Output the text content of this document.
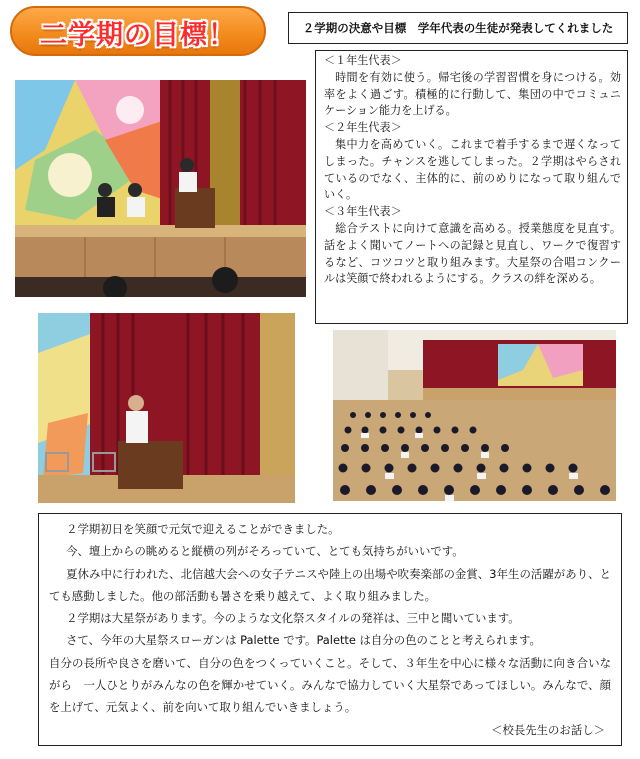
二学期の目標！	２学期の決意や目標　学年代表の生徒が発表してくれました

＜１年生代表＞

時間を有効に使う。帰宅後の学習習慣を身につける。効率をよく過ごす。積極的に行動して、集団の中でコミュニケーション能力を上げる。

＜２年生代表＞

集中力を高めていく。これまで着手するまで遅くなってしまった。チャンスを逃してしまった。２学期はやらされているのでなく、主体的に、前のめりになって取り組んでいく。

＜３年生代表＞

総合テストに向けて意識を高める。授業態度を見直す。話をよく聞いてノートへの記録と見直し、ワークで復習するなど、コツコツと取り組みます。大星祭の合唱コンクールは笑顔で終われるようにする。クラスの絆を深める。

２学期初日を笑顔で元気で迎えることができました。

今、壇上からの眺めると縦横の列がそろっていて、とても気持ちがいいです。

夏休み中に行われた、北信越大会への女子テニスや陸上の出場や吹奏楽部の金賞、3年生の活躍があり、とても感動しました。他の部活動も暑さを乗り越えて、よく取り組みました。

２学期は大星祭があります。今のような文化祭スタイルの発祥は、三中と聞いています。

さて、今年の大星祭スローガンは Palette です。Palette は自分の色のことと考えられます。

自分の長所や良さを磨いて、自分の色をつくっていくこと。そして、３年生を中心に様々な活動に向き合いながら　一人ひとりがみんなの色を輝かせていく。みんなで協力していく大星祭であってほしい。みんなで、顔を上げて、元気よく、前を向いて取り組んでいきましょう。

＜校長先生のお話し＞
